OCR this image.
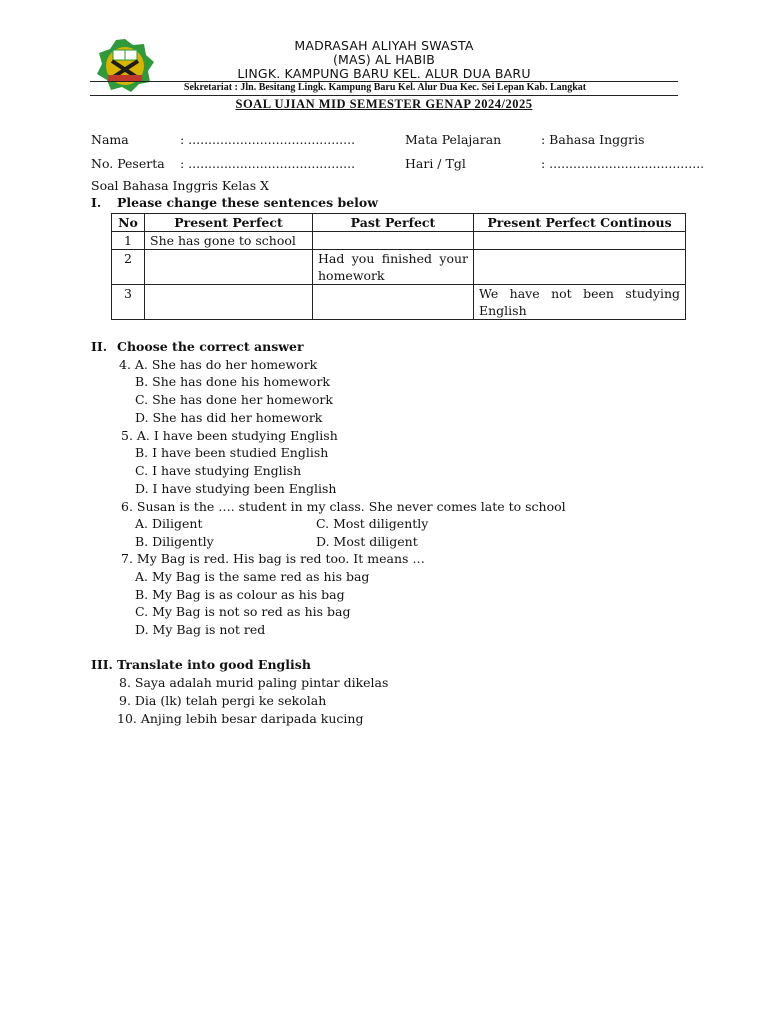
MADRASAH ALIYAH SWASTA
(MAS) AL HABIB
LINGK. KAMPUNG BARU KEL. ALUR DUA BARU
Sekretariat : Jln. Besitang Lingk. Kampung Baru Kel. Alur Dua Kec. Sei Lepan Kab. Langkat
SOAL UJIAN MID SEMESTER GENAP 2024/2025
Nama	: ..........................................	Mata Pelajaran	: Bahasa Inggris
No. Peserta : ..........................................	Hari / Tgl	: .......................................
Soal Bahasa Inggris Kelas X
I. Please change these sentences below
No	Present Perfect	Past Perfect	Present Perfect Continous
1	She has gone to school		
2		Had you finished your homework	
3			We have not been studying English
II. Choose the correct answer
4. A. She has do her homework
B. She has done his homework
C. She has done her homework
D. She has did her homework
5. A. I have been studying English
B. I have been studied English
C. I have studying English
D. I have studying been English
6. Susan is the …. student in my class. She never comes late to school
A. Diligent	C. Most diligently
B. Diligently	D. Most diligent
7. My Bag is red. His bag is red too. It means …
A. My Bag is the same red as his bag
B. My Bag is as colour as his bag
C. My Bag is not so red as his bag
D. My Bag is not red
III. Translate into good English
8. Saya adalah murid paling pintar dikelas
9. Dia (lk) telah pergi ke sekolah
10. Anjing lebih besar daripada kucing
